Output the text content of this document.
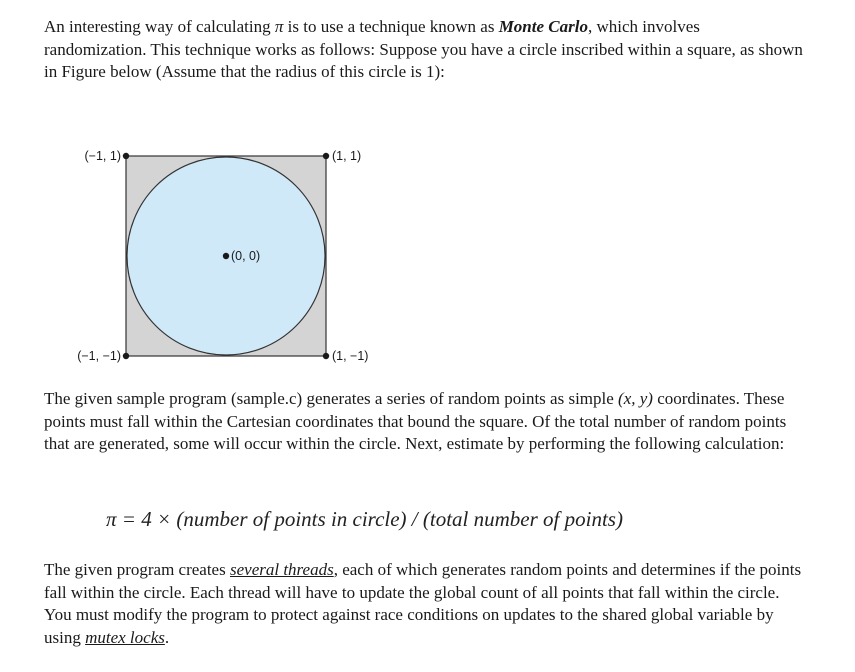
An interesting way of calculating π is to use a technique known as Monte Carlo, which involves randomization. This technique works as follows: Suppose you have a circle inscribed within a square, as shown in Figure below (Assume that the radius of this circle is 1):

(−1, 1)	(1, 1)
(0, 0)
(−1, −1)	(1, −1)

The given sample program (sample.c) generates a series of random points as simple (x, y) coordinates. These points must fall within the Cartesian coordinates that bound the square. Of the total number of random points that are generated, some will occur within the circle. Next, estimate by performing the following calculation:

π = 4 × (number of points in circle) / (total number of points)

The given program creates several threads, each of which generates random points and determines if the points fall within the circle. Each thread will have to update the global count of all points that fall within the circle. You must modify the program to protect against race conditions on updates to the shared global variable by using mutex locks.
